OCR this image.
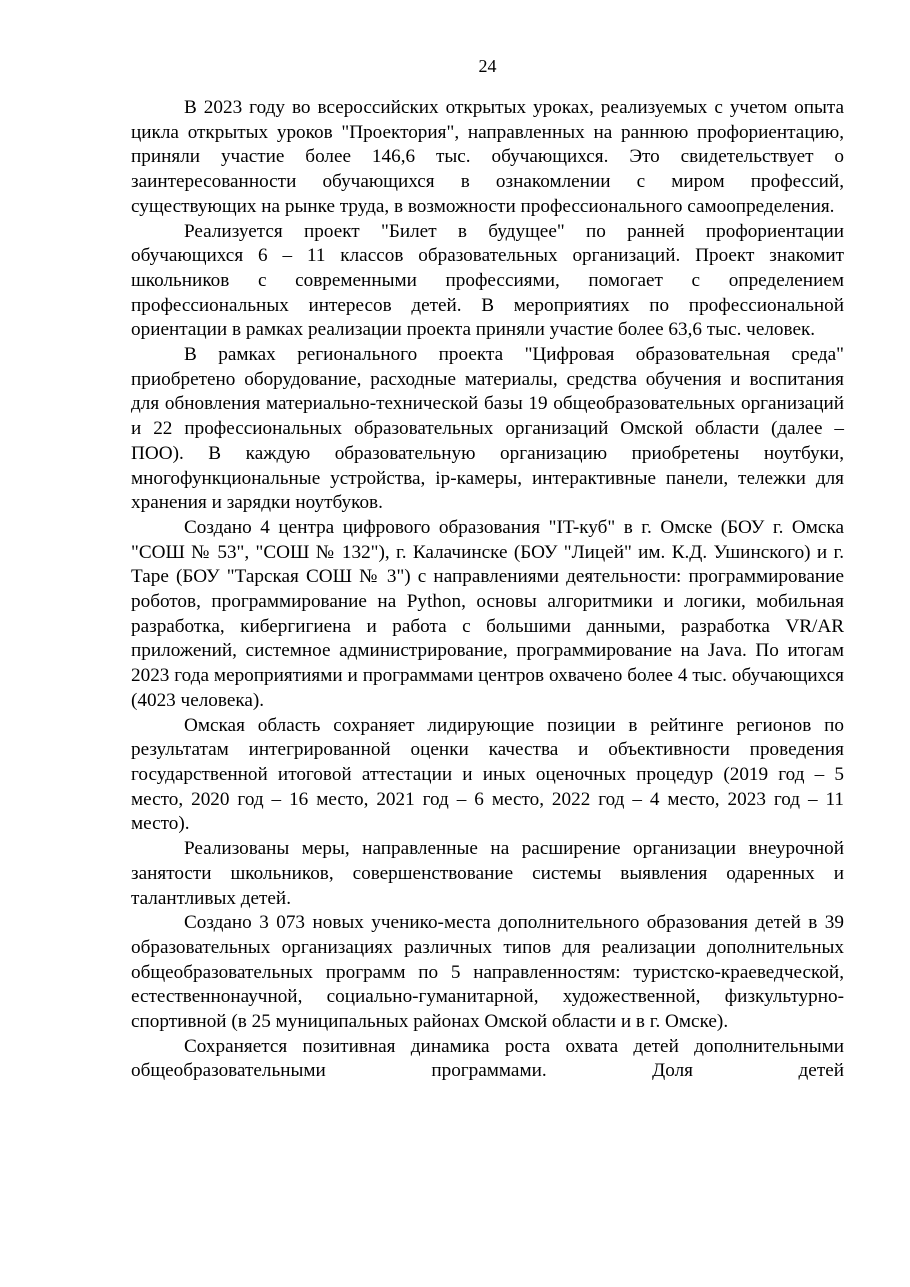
24

В 2023 году во всероссийских открытых уроках, реализуемых с учетом опыта цикла открытых уроков "Проектория", направленных на раннюю профориентацию, приняли участие более 146,6 тыс. обучающихся. Это свидетельствует о заинтересованности обучающихся в ознакомлении с миром профессий, существующих на рынке труда, в возможности профессионального самоопределения.

Реализуется проект "Билет в будущее" по ранней профориентации обучающихся 6 – 11 классов образовательных организаций. Проект знакомит школьников с современными профессиями, помогает с определением профессиональных интересов детей. В мероприятиях по профессиональной ориентации в рамках реализации проекта приняли участие более 63,6 тыс. человек.

В рамках регионального проекта "Цифровая образовательная среда" приобретено оборудование, расходные материалы, средства обучения и воспитания для обновления материально-технической базы 19 общеобразовательных организаций и 22 профессиональных образовательных организаций Омской области (далее – ПОО). В каждую образовательную организацию приобретены ноутбуки, многофункциональные устройства, ip-камеры, интерактивные панели, тележки для хранения и зарядки ноутбуков.

Создано 4 центра цифрового образования "IT-куб" в г. Омске (БОУ г. Омска "СОШ № 53", "СОШ № 132"), г. Калачинске (БОУ "Лицей" им. К.Д. Ушинского) и г. Таре (БОУ "Тарская СОШ № 3") с направлениями деятельности: программирование роботов, программирование на Python, основы алгоритмики и логики, мобильная разработка, кибергигиена и работа с большими данными, разработка VR/AR приложений, системное администрирование, программирование на Java. По итогам 2023 года мероприятиями и программами центров охвачено более 4 тыс. обучающихся (4023 человека).

Омская область сохраняет лидирующие позиции в рейтинге регионов по результатам интегрированной оценки качества и объективности проведения государственной итоговой аттестации и иных оценочных процедур (2019 год – 5 место, 2020 год – 16 место, 2021 год – 6 место, 2022 год – 4 место, 2023 год – 11 место).

Реализованы меры, направленные на расширение организации внеурочной занятости школьников, совершенствование системы выявления одаренных и талантливых детей.

Создано 3 073 новых ученико-места дополнительного образования детей в 39 образовательных организациях различных типов для реализации дополнительных общеобразовательных программ по 5 направленностям: туристско-краеведческой, естественнонаучной, социально-гуманитарной, художественной, физкультурно-спортивной (в 25 муниципальных районах Омской области и в г. Омске).

Сохраняется позитивная динамика роста охвата детей дополнительными общеобразовательными программами. Доля детей
